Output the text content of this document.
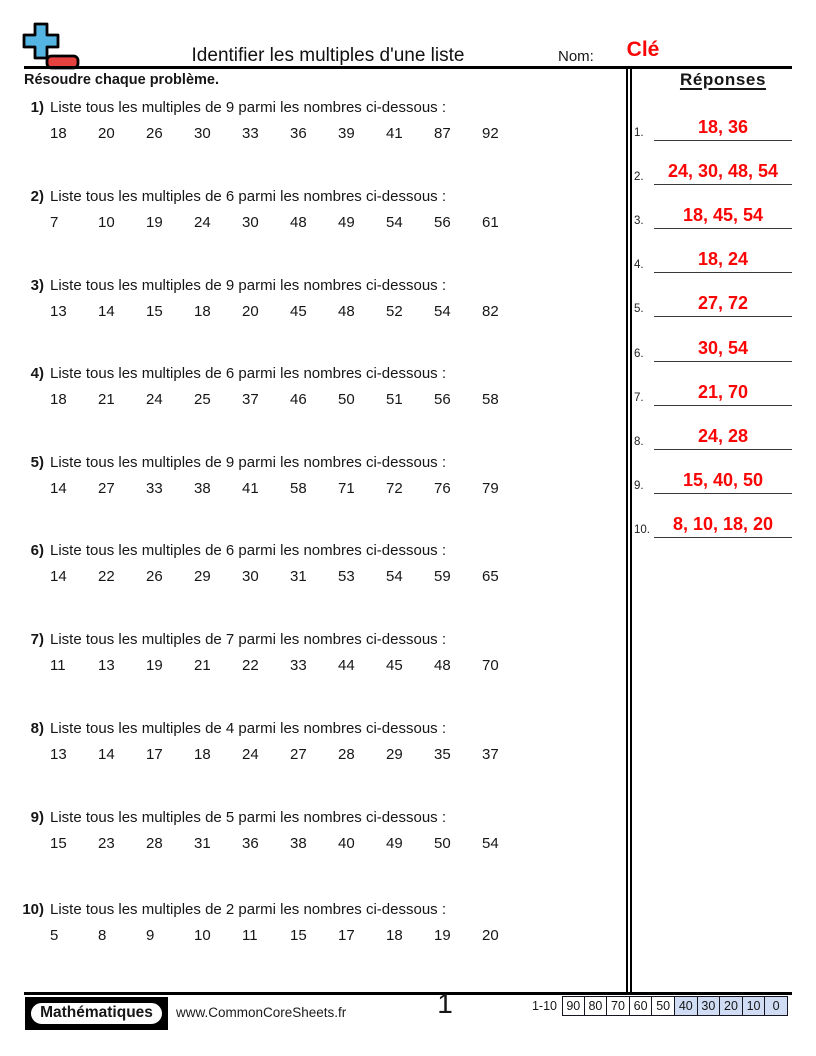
Identifier les multiples d'une liste	Nom:	Clé
Résoudre chaque problème.
1) Liste tous les multiples de 9 parmi les nombres ci-dessous :
18	20	26	30	33	36	39	41	87	92
2) Liste tous les multiples de 6 parmi les nombres ci-dessous :
7	10	19	24	30	48	49	54	56	61
3) Liste tous les multiples de 9 parmi les nombres ci-dessous :
13	14	15	18	20	45	48	52	54	82
4) Liste tous les multiples de 6 parmi les nombres ci-dessous :
18	21	24	25	37	46	50	51	56	58
5) Liste tous les multiples de 9 parmi les nombres ci-dessous :
14	27	33	38	41	58	71	72	76	79
6) Liste tous les multiples de 6 parmi les nombres ci-dessous :
14	22	26	29	30	31	53	54	59	65
7) Liste tous les multiples de 7 parmi les nombres ci-dessous :
11	13	19	21	22	33	44	45	48	70
8) Liste tous les multiples de 4 parmi les nombres ci-dessous :
13	14	17	18	24	27	28	29	35	37
9) Liste tous les multiples de 5 parmi les nombres ci-dessous :
15	23	28	31	36	38	40	49	50	54
10) Liste tous les multiples de 2 parmi les nombres ci-dessous :
5	8	9	10	11	15	17	18	19	20
Réponses
1.	18, 36
2.	24, 30, 48, 54
3.	18, 45, 54
4.	18, 24
5.	27, 72
6.	30, 54
7.	21, 70
8.	24, 28
9.	15, 40, 50
10.	8, 10, 18, 20
Mathématiques	www.CommonCoreSheets.fr	1	1-10 90 80 70 60 50 40 30 20 10 0
